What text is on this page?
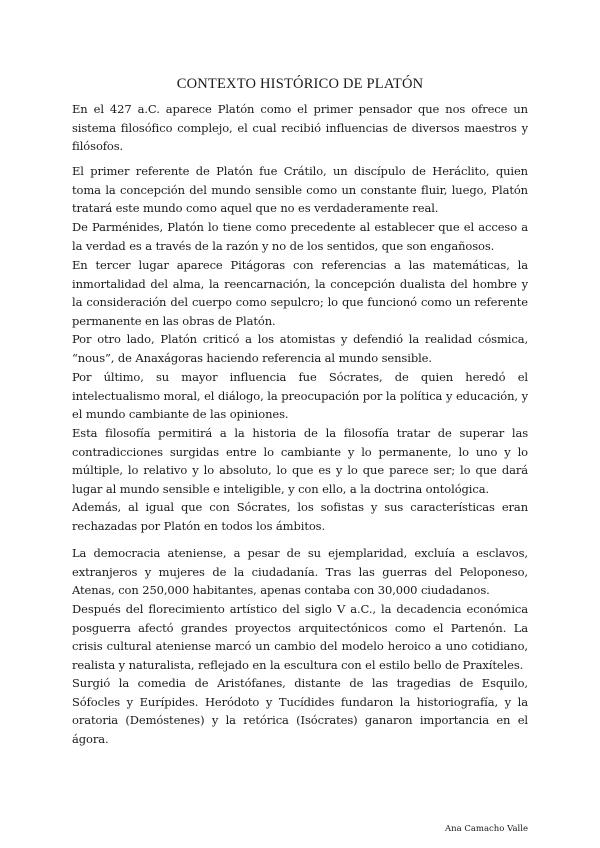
CONTEXTO HISTÓRICO DE PLATÓN

En el 427 a.C. aparece Platón como el primer pensador que nos ofrece un sistema filosófico complejo, el cual recibió influencias de diversos maestros y filósofos.

El primer referente de Platón fue Crátilo, un discípulo de Heráclito, quien toma la concepción del mundo sensible como un constante fluir, luego, Platón tratará este mundo como aquel que no es verdaderamente real.

De Parménides, Platón lo tiene como precedente al establecer que el acceso a la verdad es a través de la razón y no de los sentidos, que son engañosos.

En tercer lugar aparece Pitágoras con referencias a las matemáticas, la inmortalidad del alma, la reencarnación, la concepción dualista del hombre y la consideración del cuerpo como sepulcro; lo que funcionó como un referente permanente en las obras de Platón.

Por otro lado, Platón criticó a los atomistas y defendió la realidad cósmica, “nous”, de Anaxágoras haciendo referencia al mundo sensible.

Por último, su mayor influencia fue Sócrates, de quien heredó el intelectualismo moral, el diálogo, la preocupación por la política y educación, y el mundo cambiante de las opiniones.

Esta filosofía permitirá a la historia de la filosofía tratar de superar las contradicciones surgidas entre lo cambiante y lo permanente, lo uno y lo múltiple, lo relativo y lo absoluto, lo que es y lo que parece ser; lo que dará lugar al mundo sensible e inteligible, y con ello, a la doctrina ontológica.

Además, al igual que con Sócrates, los sofistas y sus características eran rechazadas por Platón en todos los ámbitos.

La democracia ateniense, a pesar de su ejemplaridad, excluía a esclavos, extranjeros y mujeres de la ciudadanía. Tras las guerras del Peloponeso, Atenas, con 250,000 habitantes, apenas contaba con 30,000 ciudadanos.

Después del florecimiento artístico del siglo V a.C., la decadencia económica posguerra afectó grandes proyectos arquitectónicos como el Partenón. La crisis cultural ateniense marcó un cambio del modelo heroico a uno cotidiano, realista y naturalista, reflejado en la escultura con el estilo bello de Praxíteles.

Surgió la comedia de Aristófanes, distante de las tragedias de Esquilo, Sófocles y Eurípides. Heródoto y Tucídides fundaron la historiografía, y la oratoria (Demóstenes) y la retórica (Isócrates) ganaron importancia en el ágora.

Ana Camacho Valle
